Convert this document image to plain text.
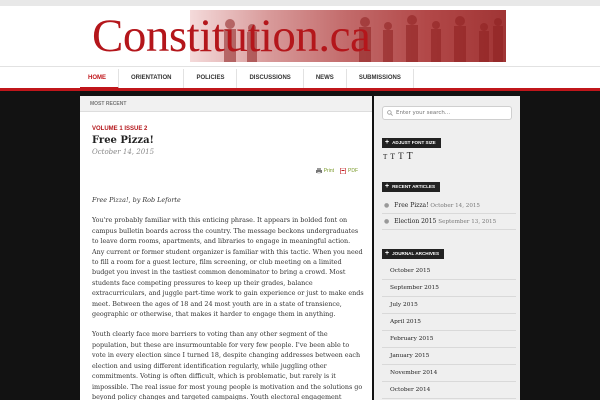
Constitution.ca
HOME	ORIENTATION	POLICIES	DISCUSSIONS	NEWS	SUBMISSIONS
MOST RECENT
VOLUME 1 ISSUE 2
Free Pizza!
October 14, 2015
Print	PDF

Free Pizza!, by Rob Leforte

You're probably familiar with this enticing phrase. It appears in bolded font on campus bulletin boards across the country. The message beckons undergraduates to leave dorm rooms, apartments, and libraries to engage in meaningful action. Any current or former student organizer is familiar with this tactic. When you need to fill a room for a guest lecture, film screening, or club meeting on a limited budget you invest in the tastiest common denominator to bring a crowd. Most students face competing pressures to keep up their grades, balance extracurriculars, and juggle part-time work to gain experience or just to make ends meet. Between the ages of 18 and 24 most youth are in a state of transience, geographic or otherwise, that makes it harder to engage them in anything.

Youth clearly face more barriers to voting than any other segment of the population, but these are insurmountable for very few people. I've been able to vote in every election since I turned 18, despite changing addresses between each election and using different identification regularly, while juggling other commitments. Voting is often difficult, which is problematic, but rarely is it impossible. The real issue for most young people is motivation and the solutions go beyond policy changes and targeted campaigns. Youth electoral engagement

Enter your search...
+ ADJUST FONT SIZE
T T T T
+ RECENT ARTICLES
● Free Pizza! October 14, 2015
● Election 2015 September 13, 2015
+ JOURNAL ARCHIVES
October 2015
September 2015
July 2015
April 2015
February 2015
January 2015
November 2014
October 2014
